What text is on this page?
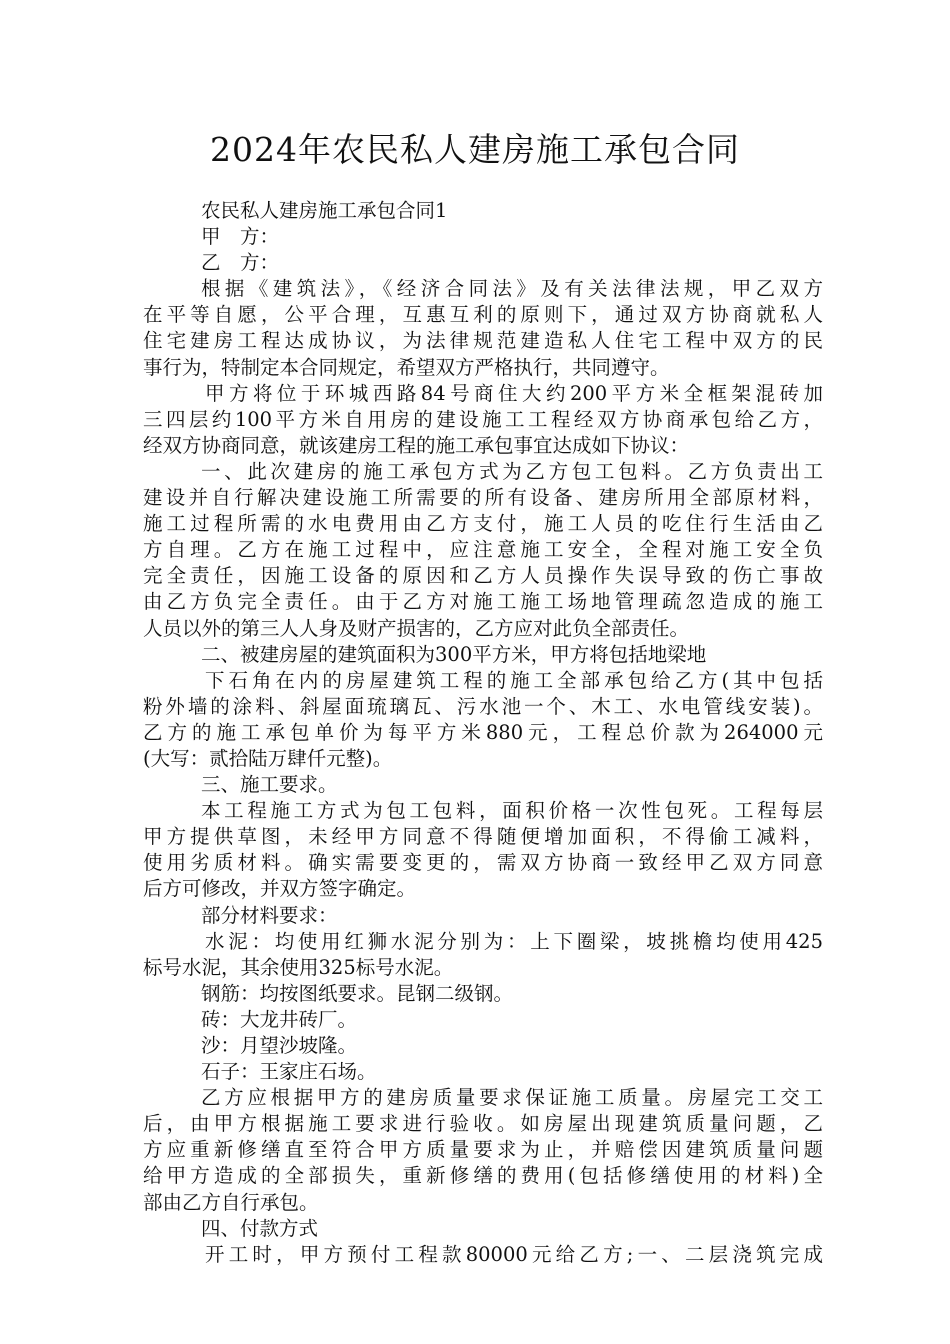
2024年农民私人建房施工承包合同
农民私人建房施工承包合同1
甲　方：
乙　方：
根据《建筑法》，《经济合同法》及有关法律法规，甲乙双方
在平等自愿，公平合理，互惠互利的原则下，通过双方协商就私人
住宅建房工程达成协议，为法律规范建造私人住宅工程中双方的民
事行为，特制定本合同规定，希望双方严格执行，共同遵守。
甲方将位于环城西路84号商住大约200平方米全框架混砖加
三四层约100平方米自用房的建设施工工程经双方协商承包给乙方，
经双方协商同意，就该建房工程的施工承包事宜达成如下协议：
一、此次建房的施工承包方式为乙方包工包料。乙方负责出工
建设并自行解决建设施工所需要的所有设备、建房所用全部原材料，
施工过程所需的水电费用由乙方支付，施工人员的吃住行生活由乙
方自理。乙方在施工过程中，应注意施工安全，全程对施工安全负
完全责任，因施工设备的原因和乙方人员操作失误导致的伤亡事故
由乙方负完全责任。由于乙方对施工施工场地管理疏忽造成的施工
人员以外的第三人人身及财产损害的，乙方应对此负全部责任。
二、被建房屋的建筑面积为300平方米，甲方将包括地梁地
下石角在内的房屋建筑工程的施工全部承包给乙方(其中包括
粉外墙的涂料、斜屋面琉璃瓦、污水池一个、木工、水电管线安装)。
乙方的施工承包单价为每平方米880元，工程总价款为264000元
(大写：贰拾陆万肆仟元整)。
三、施工要求。
本工程施工方式为包工包料，面积价格一次性包死。工程每层
甲方提供草图，未经甲方同意不得随便增加面积，不得偷工减料，
使用劣质材料。确实需要变更的，需双方协商一致经甲乙双方同意
后方可修改，并双方签字确定。
部分材料要求：
水泥：均使用红狮水泥分别为：上下圈梁，坡挑檐均使用425
标号水泥，其余使用325标号水泥。
钢筋：均按图纸要求。昆钢二级钢。
砖：大龙井砖厂。
沙：月望沙坡隆。
石子：王家庄石场。
乙方应根据甲方的建房质量要求保证施工质量。房屋完工交工
后，由甲方根据施工要求进行验收。如房屋出现建筑质量问题，乙
方应重新修缮直至符合甲方质量要求为止，并赔偿因建筑质量问题
给甲方造成的全部损失，重新修缮的费用(包括修缮使用的材料)全
部由乙方自行承包。
四、付款方式
开工时，甲方预付工程款80000元给乙方;一、二层浇筑完成
